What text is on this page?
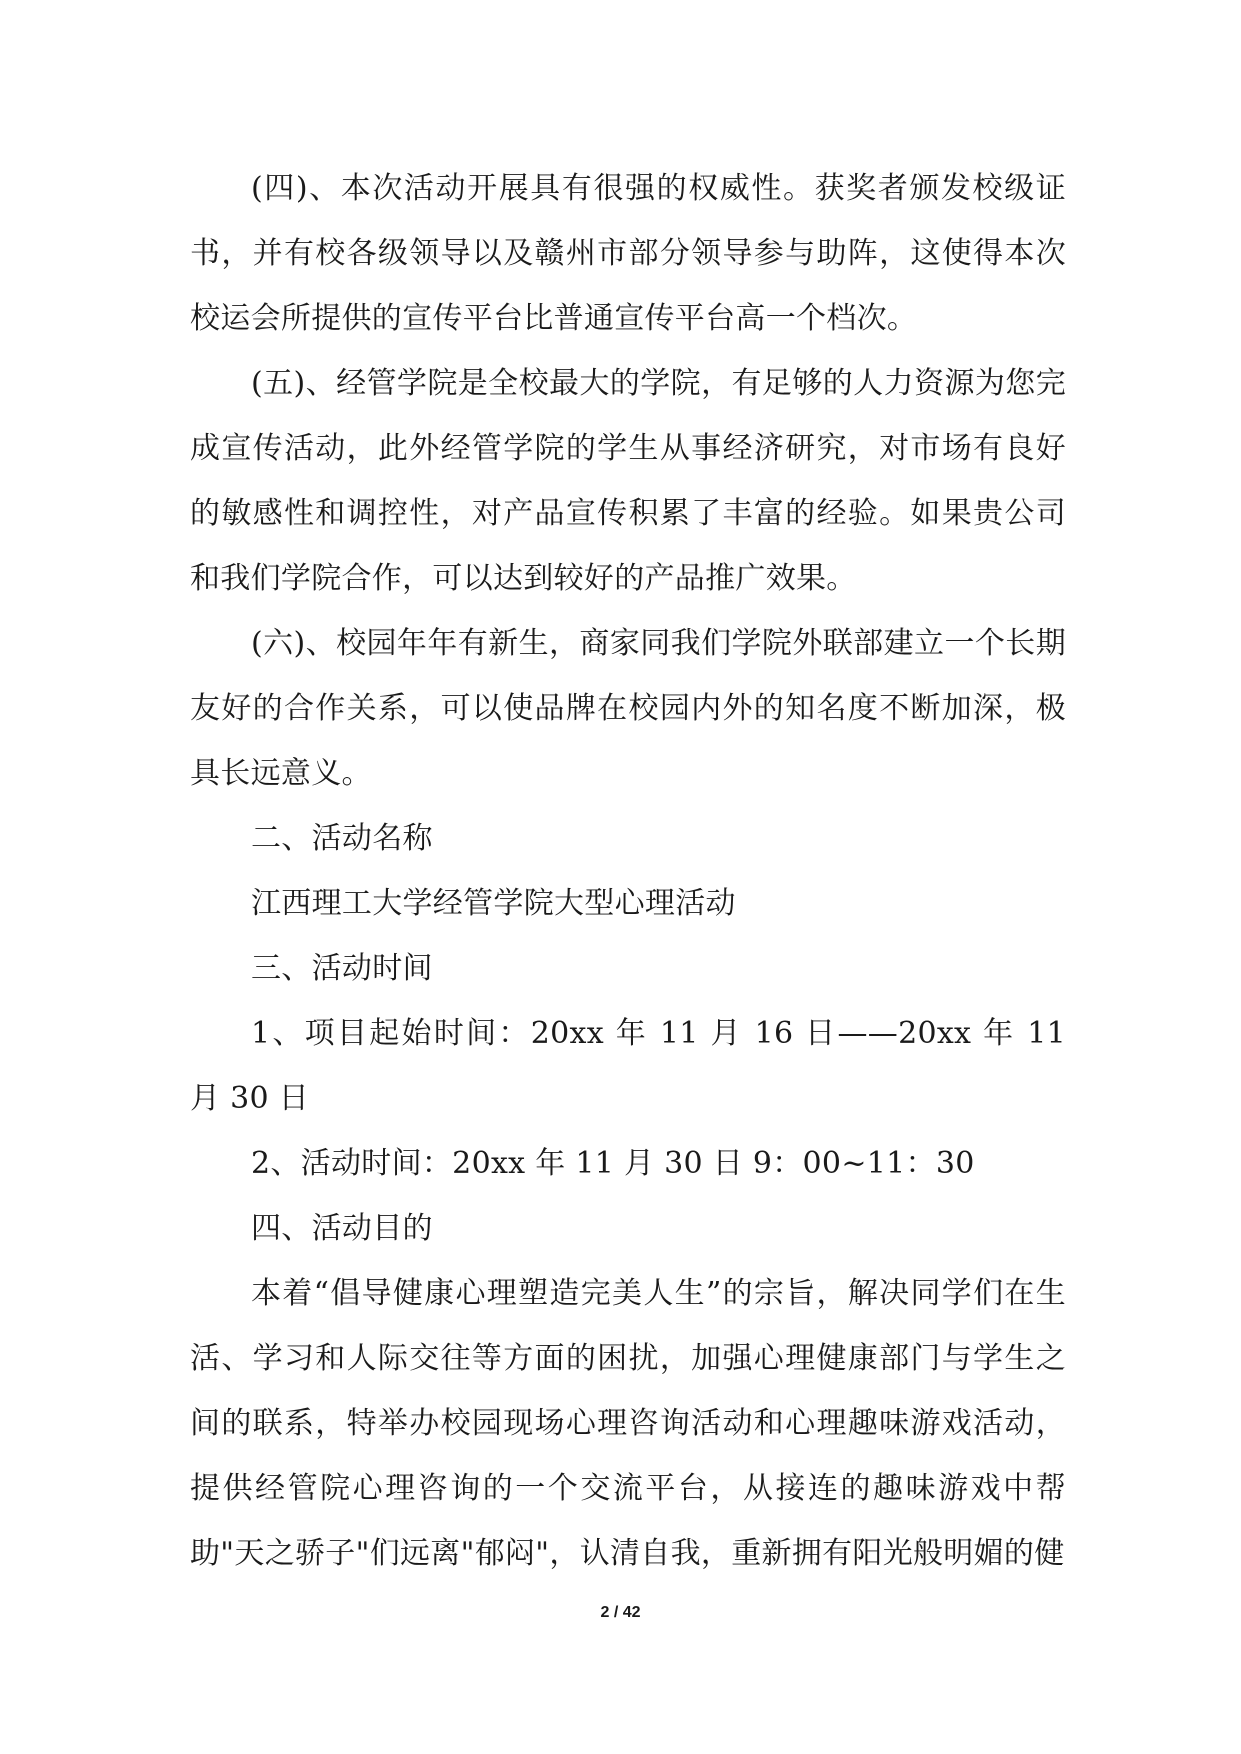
(四)、本次活动开展具有很强的权威性。获奖者颁发校级证书，并有校各级领导以及赣州市部分领导参与助阵，这使得本次校运会所提供的宣传平台比普通宣传平台高一个档次。

(五)、经管学院是全校最大的学院，有足够的人力资源为您完成宣传活动，此外经管学院的学生从事经济研究，对市场有良好的敏感性和调控性，对产品宣传积累了丰富的经验。如果贵公司和我们学院合作，可以达到较好的产品推广效果。

(六)、校园年年有新生，商家同我们学院外联部建立一个长期友好的合作关系，可以使品牌在校园内外的知名度不断加深，极具长远意义。

二、活动名称

江西理工大学经管学院大型心理活动

三、活动时间

1、项目起始时间：20xx 年 11 月 16 日——20xx 年 11 月 30 日

2、活动时间：20xx 年 11 月 30 日 9：00~11：30

四、活动目的

本着“倡导健康心理塑造完美人生”的宗旨，解决同学们在生活、学习和人际交往等方面的困扰，加强心理健康部门与学生之间的联系，特举办校园现场心理咨询活动和心理趣味游戏活动，提供经管院心理咨询的一个交流平台，从接连的趣味游戏中帮助"天之骄子"们远离"郁闷"，认清自我，重新拥有阳光般明媚的健

2 / 42
